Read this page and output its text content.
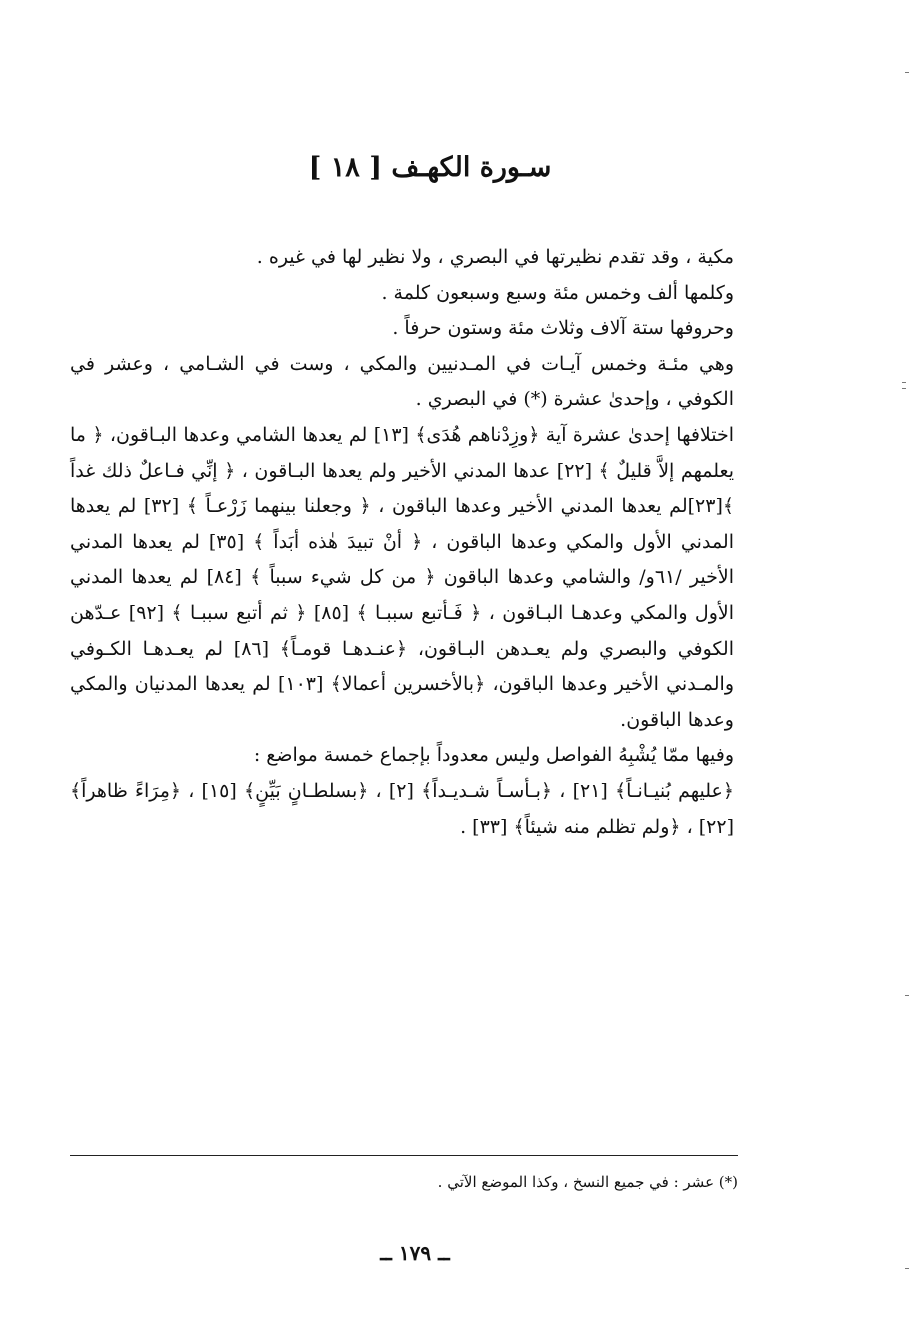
سـورة الكهـف [ ١٨ ]

مكية ، وقد تقدم نظيرتها في البصري ، ولا نظير لها في غيره .

وكلمها ألف وخمس مئة وسبع وسبعون كلمة .

وحروفها ستة آلاف وثلاث مئة وستون حرفاً .

وهي مئـة وخمس آيـات في المـدنيين والمكي ، وست في الشـامي ، وعشر في الكوفي ، وإحدىٰ عشرة (*) في البصري .

اختلافها إحدىٰ عشرة آية ﴿وزِدْناهم هُدَى﴾ [١٣] لم يعدها الشامي وعدها البـاقون، ﴿ ما يعلمهم إلاَّ قليلٌ ﴾ [٢٢] عدها المدني الأخير ولم يعدها البـاقون ، ﴿ إنِّي فـاعلٌ ذلك غداً ﴾[٢٣]لم يعدها المدني الأخير وعدها الباقون ، ﴿ وجعلنا بينهما زَرْعـاً ﴾ [٣٢] لم يعدها المدني الأول والمكي وعدها الباقون ، ﴿ أنْ تبيدَ هٰذه أبَداً ﴾ [٣٥] لم يعدها المدني الأخير /٦١و/ والشامي وعدها الباقون ﴿ من كل شيء سبباً ﴾ [٨٤] لم يعدها المدني الأول والمكي وعدهـا البـاقون ، ﴿ فَـأتبع سببـا ﴾ [٨٥] ﴿ ثم أتبع سببـا ﴾ [٩٢] عـدّهن الكوفي والبصري ولم يعـدهن البـاقون، ﴿عنـدهـا قومـاً﴾ [٨٦] لم يعـدهـا الكـوفي والمـدني الأخير وعدها الباقون، ﴿بالأخسرين أعمالا﴾ [١٠٣] لم يعدها المدنيان والمكي وعدها الباقون.

وفيها ممّا يُشْبِهُ الفواصل وليس معدوداً بإجماع خمسة مواضع :

﴿عليهم بُنيـانـاً﴾ [٢١] ، ﴿بـأسـاً شـديـداً﴾ [٢] ، ﴿بسلطـانٍ بَيِّنٍ﴾ [١٥] ، ﴿مِرَاءً ظاهراً﴾ [٢٢] ، ﴿ولم تظلم منه شيئاً﴾ [٣٣] .

(*) عشر : في جميع النسخ ، وكذا الموضع الآتي .
ــ ١٧٩ ــ
